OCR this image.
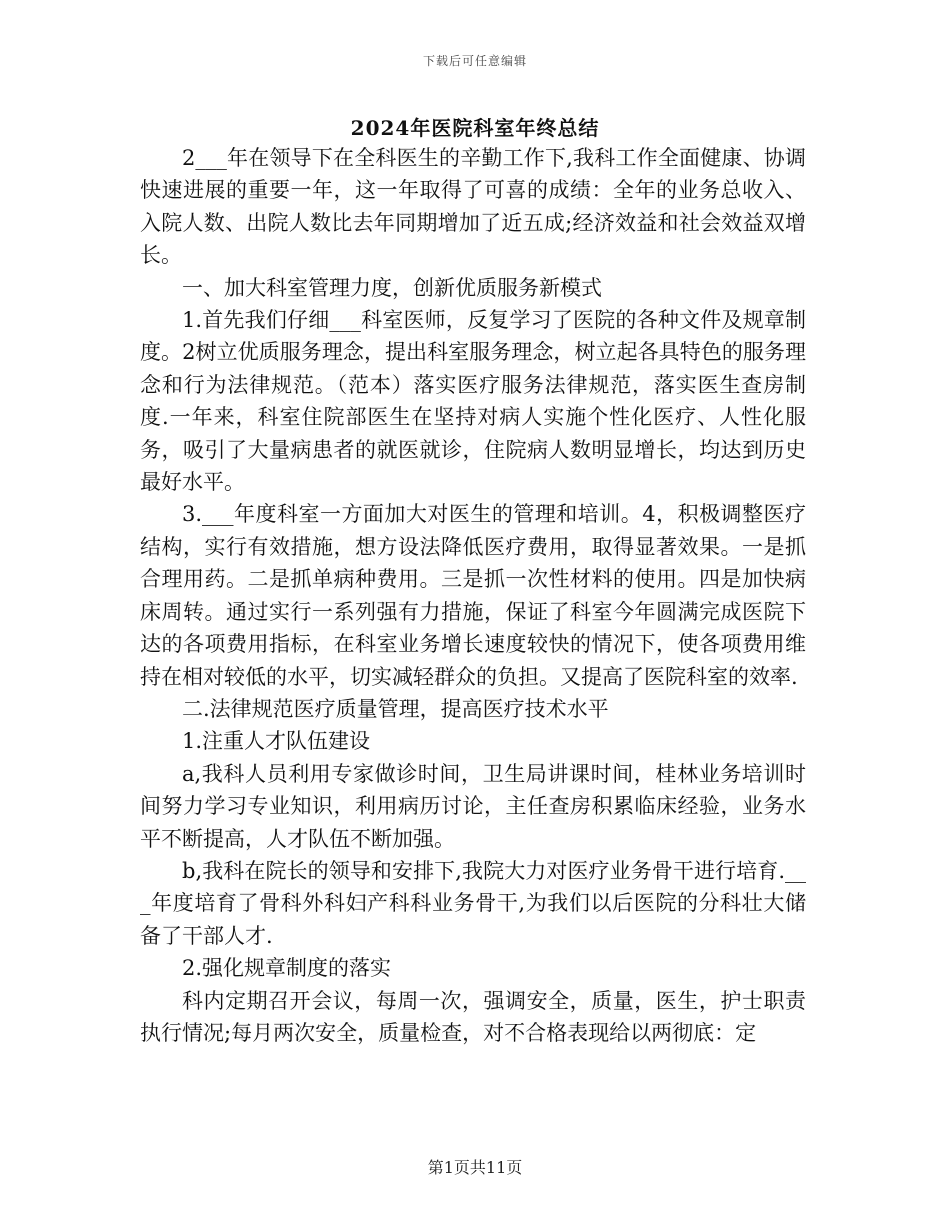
下载后可任意编辑
2024年医院科室年终总结

2___年在领导下在全科医生的辛勤工作下,我科工作全面健康、协调快速进展的重要一年，这一年取得了可喜的成绩：全年的业务总收入、入院人数、出院人数比去年同期增加了近五成;经济效益和社会效益双增长。

一、加大科室管理力度，创新优质服务新模式

1.首先我们仔细___科室医师，反复学习了医院的各种文件及规章制度。2树立优质服务理念，提出科室服务理念，树立起各具特色的服务理念和行为法律规范。（范本）落实医疗服务法律规范，落实医生查房制度.一年来，科室住院部医生在坚持对病人实施个性化医疗、人性化服务，吸引了大量病患者的就医就诊，住院病人数明显增长，均达到历史最好水平。

3.___年度科室一方面加大对医生的管理和培训。4，积极调整医疗结构，实行有效措施，想方设法降低医疗费用，取得显著效果。一是抓合理用药。二是抓单病种费用。三是抓一次性材料的使用。四是加快病床周转。通过实行一系列强有力措施，保证了科室今年圆满完成医院下达的各项费用指标，在科室业务增长速度较快的情况下，使各项费用维持在相对较低的水平，切实减轻群众的负担。又提高了医院科室的效率.

二.法律规范医疗质量管理，提高医疗技术水平

1.注重人才队伍建设

a,我科人员利用专家做诊时间，卫生局讲课时间，桂林业务培训时间努力学习专业知识，利用病历讨论，主任查房积累临床经验，业务水平不断提高，人才队伍不断加强。

b,我科在院长的领导和安排下,我院大力对医疗业务骨干进行培育.___年度培育了骨科外科妇产科科业务骨干,为我们以后医院的分科壮大储备了干部人才.

2.强化规章制度的落实

科内定期召开会议，每周一次，强调安全，质量，医生，护士职责执行情况;每月两次安全，质量检查，对不合格表现给以两彻底：定

第1页共11页
